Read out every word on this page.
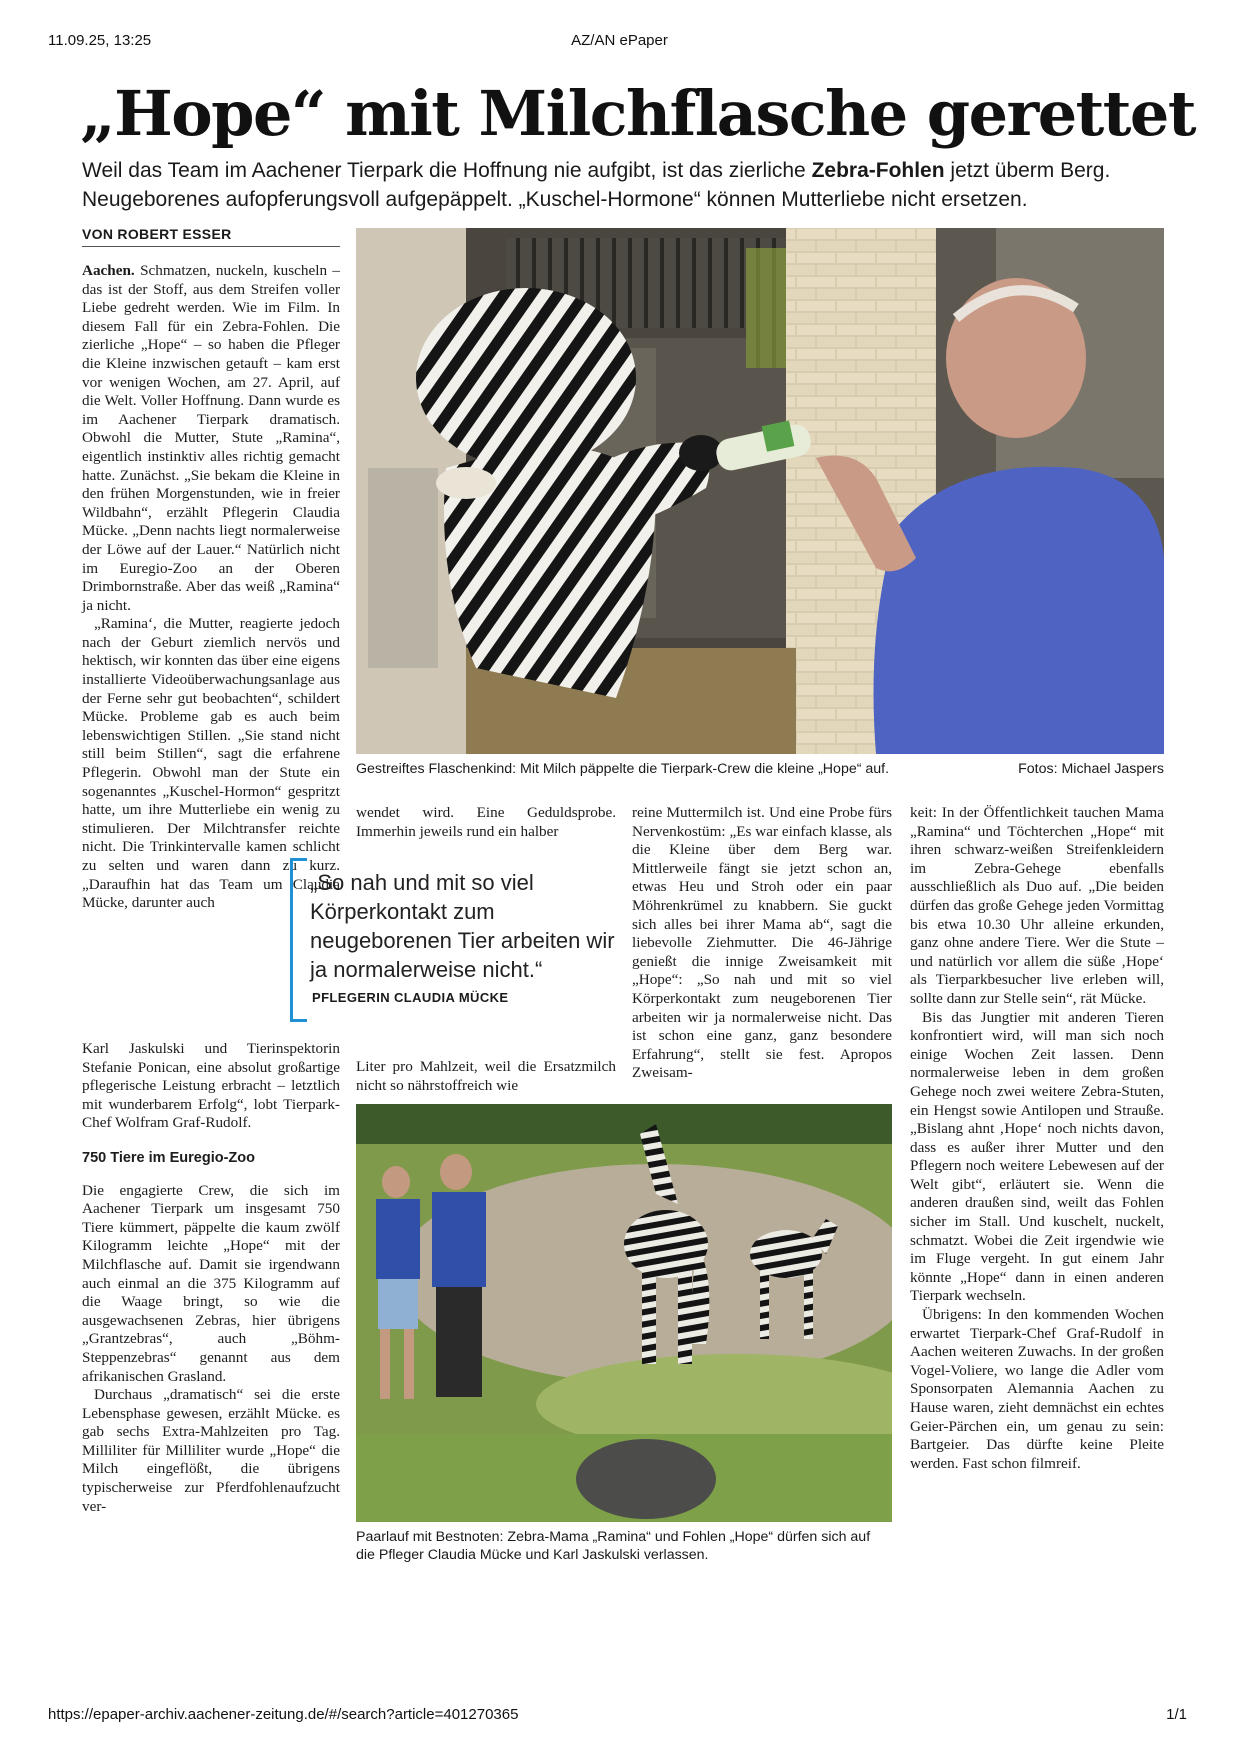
11.09.25, 13:25	AZ/AN ePaper
„Hope“ mit Milchflasche gerettet
Weil das Team im Aachener Tierpark die Hoffnung nie aufgibt, ist das zierliche Zebra-Fohlen jetzt überm Berg. Neugeborenes aufopferungsvoll aufgepäppelt. „Kuschel-Hormone“ können Mutterliebe nicht ersetzen.
VON ROBERT ESSER

Aachen. Schmatzen, nuckeln, kuscheln – das ist der Stoff, aus dem Streifen voller Liebe gedreht werden. Wie im Film. In diesem Fall für ein Zebra-Fohlen. Die zierliche „Hope“ – so haben die Pfleger die Kleine inzwischen getauft – kam erst vor wenigen Wochen, am 27. April, auf die Welt. Voller Hoffnung. Dann wurde es im Aachener Tierpark dramatisch. Obwohl die Mutter, Stute „Ramina“, eigentlich instinktiv alles richtig gemacht hatte. Zunächst. „Sie bekam die Kleine in den frühen Morgenstunden, wie in freier Wildbahn“, erzählt Pflegerin Claudia Mücke. „Denn nachts liegt normalerweise der Löwe auf der Lauer.“ Natürlich nicht im Euregio-Zoo an der Oberen Drimbornstraße. Aber das weiß „Ramina“ ja nicht.

„Ramina‘, die Mutter, reagierte jedoch nach der Geburt ziemlich nervös und hektisch, wir konnten das über eine eigens installierte Videoüberwachungsanlage aus der Ferne sehr gut beobachten“, schildert Mücke. Probleme gab es auch beim lebenswichtigen Stillen. „Sie stand nicht still beim Stillen“, sagt die erfahrene Pflegerin. Obwohl man der Stute ein sogenanntes „Kuschel-Hormon“ gespritzt hatte, um ihre Mutterliebe ein wenig zu stimulieren. Der Milchtransfer reichte nicht. Die Trinkintervalle kamen schlicht zu selten und waren dann zu kurz. „Daraufhin hat das Team um Claudia Mücke, darunter auch

Karl Jaskulski und Tierinspektorin Stefanie Ponican, eine absolut großartige pflegerische Leistung erbracht – letztlich mit wunderbarem Erfolg“, lobt Tierpark-Chef Wolfram Graf-Rudolf.

750 Tiere im Euregio-Zoo

Die engagierte Crew, die sich im Aachener Tierpark um insgesamt 750 Tiere kümmert, päppelte die kaum zwölf Kilogramm leichte „Hope“ mit der Milchflasche auf. Damit sie irgendwann auch einmal an die 375 Kilogramm auf die Waage bringt, so wie die ausgewachsenen Zebras, hier übrigens „Grantzebras“, auch „Böhm-Steppenzebras“ genannt aus dem afrikanischen Grasland.

Durchaus „dramatisch“ sei die erste Lebensphase gewesen, erzählt Mücke. es gab sechs Extra-Mahlzeiten pro Tag. Milliliter für Milliliter wurde „Hope“ die Milch eingeflößt, die übrigens typischerweise zur Pferdfohlenaufzucht ver-

Gestreiftes Flaschenkind: Mit Milch päppelte die Tierpark-Crew die kleine „Hope“ auf.	Fotos: Michael Jaspers
wendet wird. Eine Geduldsprobe. Immerhin jeweils rund ein halber
„So nah und mit so viel Körperkontakt zum neugeborenen Tier arbeiten wir ja normalerweise nicht.“
PFLEGERIN CLAUDIA MÜCKE
Liter pro Mahlzeit, weil die Ersatzmilch nicht so nährstoffreich wie
reine Muttermilch ist. Und eine Probe fürs Nervenkostüm: „Es war einfach klasse, als die Kleine über dem Berg war. Mittlerweile fängt sie jetzt schon an, etwas Heu und Stroh oder ein paar Möhrenkrümel zu knabbern. Sie guckt sich alles bei ihrer Mama ab“, sagt die liebevolle Ziehmutter. Die 46-Jährige genießt die innige Zweisamkeit mit „Hope“: „So nah und mit so viel Körperkontakt zum neugeborenen Tier arbeiten wir ja normalerweise nicht. Das ist schon eine ganz, ganz besondere Erfahrung“, stellt sie fest. Apropos Zweisam-
Paarlauf mit Bestnoten: Zebra-Mama „Ramina“ und Fohlen „Hope“ dürfen sich auf die Pfleger Claudia Mücke und Karl Jaskulski verlassen.

keit: In der Öffentlichkeit tauchen Mama „Ramina“ und Töchterchen „Hope“ mit ihren schwarz-weißen Streifenkleidern im Zebra-Gehege ebenfalls ausschließlich als Duo auf. „Die beiden dürfen das große Gehege jeden Vormittag bis etwa 10.30 Uhr alleine erkunden, ganz ohne andere Tiere. Wer die Stute – und natürlich vor allem die süße ‚Hope‘ als Tierparkbesucher live erleben will, sollte dann zur Stelle sein“, rät Mücke.

Bis das Jungtier mit anderen Tieren konfrontiert wird, will man sich noch einige Wochen Zeit lassen. Denn normalerweise leben in dem großen Gehege noch zwei weitere Zebra-Stuten, ein Hengst sowie Antilopen und Strauße. „Bislang ahnt ‚Hope‘ noch nichts davon, dass es außer ihrer Mutter und den Pflegern noch weitere Lebewesen auf der Welt gibt“, erläutert sie. Wenn die anderen draußen sind, weilt das Fohlen sicher im Stall. Und kuschelt, nuckelt, schmatzt. Wobei die Zeit irgendwie wie im Fluge vergeht. In gut einem Jahr könnte „Hope“ dann in einen anderen Tierpark wechseln.

Übrigens: In den kommenden Wochen erwartet Tierpark-Chef Graf-Rudolf in Aachen weiteren Zuwachs. In der großen Vogel-Voliere, wo lange die Adler vom Sponsorpaten Alemannia Aachen zu Hause waren, zieht demnächst ein echtes Geier-Pärchen ein, um genau zu sein: Bartgeier. Das dürfte keine Pleite werden. Fast schon filmreif.

https://epaper-archiv.aachener-zeitung.de/#/search?article=401270365	1/1
